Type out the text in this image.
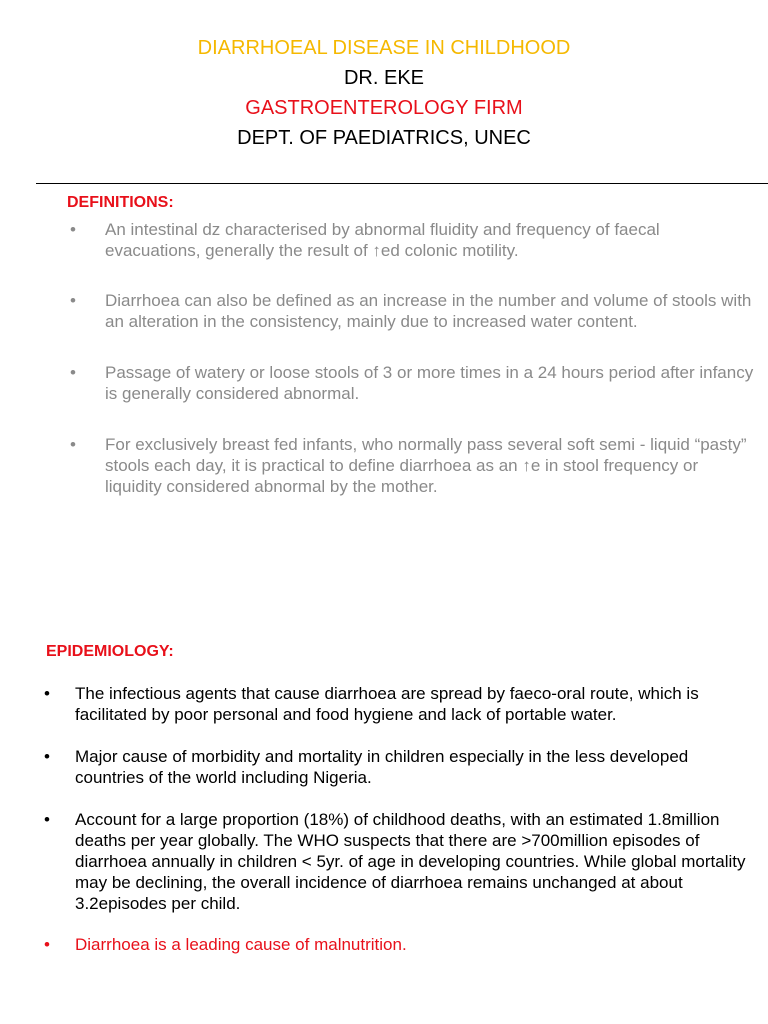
DIARRHOEAL DISEASE IN CHILDHOOD

DR. EKE

GASTROENTEROLOGY FIRM

DEPT. OF PAEDIATRICS, UNEC

DEFINITIONS:
• An intestinal dz characterised by abnormal fluidity and frequency of faecal evacuations, generally the result of ↑ed colonic motility.
• Diarrhoea can also be defined as an increase in the number and volume of stools with an alteration in the consistency, mainly due to increased water content.
• Passage of watery or loose stools of 3 or more times in a 24 hours period after infancy is generally considered abnormal.
• For exclusively breast fed infants, who normally pass several soft semi - liquid “pasty” stools each day, it is practical to define diarrhoea as an ↑e in stool frequency or liquidity considered abnormal by the mother.
EPIDEMIOLOGY:
• The infectious agents that cause diarrhoea are spread by faeco-oral route, which is facilitated by poor personal and food hygiene and lack of portable water.
• Major cause of morbidity and mortality in children especially in the less developed countries of the world including Nigeria.
• Account for a large proportion (18%) of childhood deaths, with an estimated 1.8million deaths per year globally. The WHO suspects that there are >700million episodes of diarrhoea annually in children < 5yr. of age in developing countries. While global mortality may be declining, the overall incidence of diarrhoea remains unchanged at about 3.2episodes per child.
• Diarrhoea is a leading cause of malnutrition.
